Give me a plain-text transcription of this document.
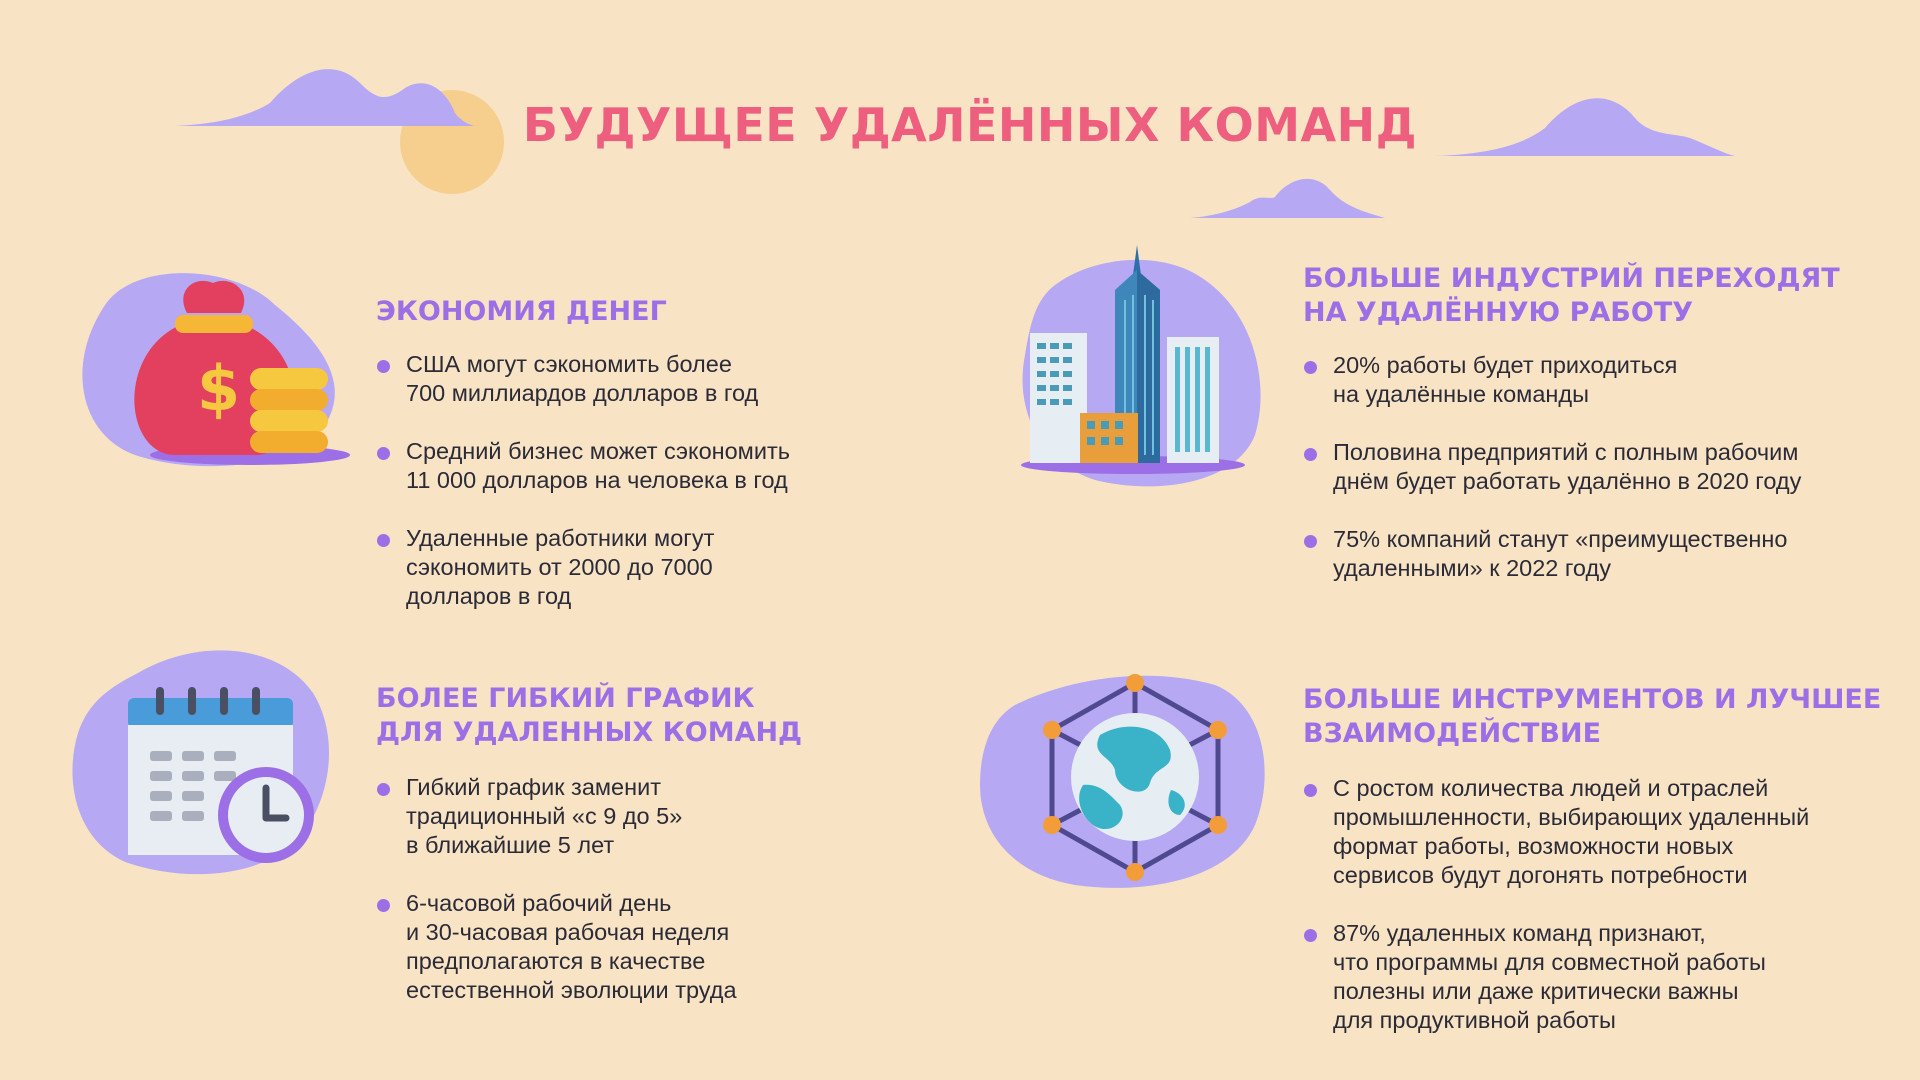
БУДУЩЕЕ УДАЛЁННЫХ КОМАНД
$
ЭКОНОМИЯ ДЕНЕГ
США могут сэкономить более
700 миллиардов долларов в год
Средний бизнес может сэкономить
11 000 долларов на человека в год
Удаленные работники могут
сэкономить от 2000 до 7000
долларов в год
БОЛЬШЕ ИНДУСТРИЙ ПЕРЕХОДЯТ
НА УДАЛЁННУЮ РАБОТУ
20% работы будет приходиться
на удалённые команды
Половина предприятий с полным рабочим
днём будет работать удалённо в 2020 году
75% компаний станут «преимущественно
удаленными» к 2022 году
БОЛЕЕ ГИБКИЙ ГРАФИК
ДЛЯ УДАЛЕННЫХ КОМАНД
Гибкий график заменит
традиционный «с 9 до 5»
в ближайшие 5 лет
6-часовой рабочий день
и 30-часовая рабочая неделя
предполагаются в качестве
естественной эволюции труда
БОЛЬШЕ ИНСТРУМЕНТОВ И ЛУЧШЕЕ
ВЗАИМОДЕЙСТВИЕ
С ростом количества людей и отраслей
промышленности, выбирающих удаленный
формат работы, возможности новых
сервисов будут догонять потребности
87% удаленных команд признают,
что программы для совместной работы
полезны или даже критически важны
для продуктивной работы
